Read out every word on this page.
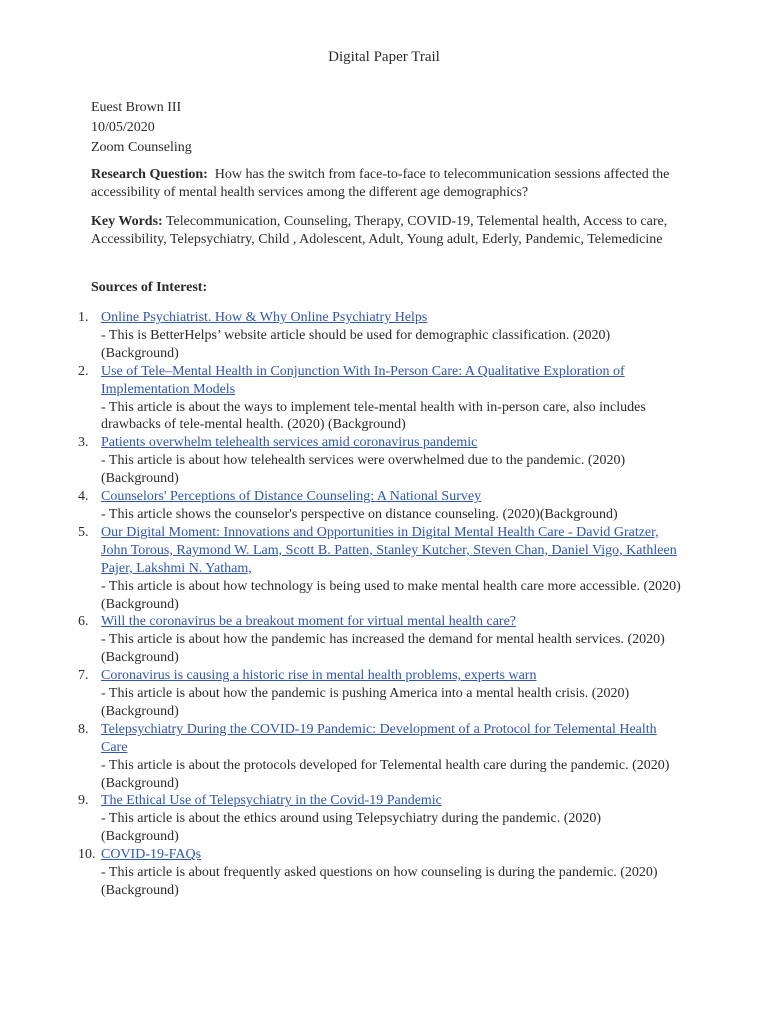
Digital Paper Trail
Euest Brown III
10/05/2020
Zoom Counseling
Research Question: How has the switch from face-to-face to telecommunication sessions affected the accessibility of mental health services among the different age demographics?
Key Words: Telecommunication, Counseling, Therapy, COVID-19, Telemental health, Access to care, Accessibility, Telepsychiatry, Child , Adolescent, Adult, Young adult, Ederly, Pandemic, Telemedicine
Sources of Interest:
1. Online Psychiatrist. How & Why Online Psychiatry Helps
- This is BetterHelps’ website article should be used for demographic classification. (2020) (Background)
2. Use of Tele–Mental Health in Conjunction With In-Person Care: A Qualitative Exploration of Implementation Models
- This article is about the ways to implement tele-mental health with in-person care, also includes drawbacks of tele-mental health. (2020) (Background)
3. Patients overwhelm telehealth services amid coronavirus pandemic
- This article is about how telehealth services were overwhelmed due to the pandemic. (2020) (Background)
4. Counselors' Perceptions of Distance Counseling: A National Survey
- This article shows the counselor's perspective on distance counseling. (2020)(Background)
5. Our Digital Moment: Innovations and Opportunities in Digital Mental Health Care - David Gratzer, John Torous, Raymond W. Lam, Scott B. Patten, Stanley Kutcher, Steven Chan, Daniel Vigo, Kathleen Pajer, Lakshmi N. Yatham,
- This article is about how technology is being used to make mental health care more accessible. (2020) (Background)
6. Will the coronavirus be a breakout moment for virtual mental health care?
- This article is about how the pandemic has increased the demand for mental health services. (2020) (Background)
7. Coronavirus is causing a historic rise in mental health problems, experts warn
- This article is about how the pandemic is pushing America into a mental health crisis. (2020) (Background)
8. Telepsychiatry During the COVID-19 Pandemic: Development of a Protocol for Telemental Health Care
- This article is about the protocols developed for Telemental health care during the pandemic. (2020)(Background)
9. The Ethical Use of Telepsychiatry in the Covid-19 Pandemic
- This article is about the ethics around using Telepsychiatry during the pandemic. (2020) (Background)
10. COVID-19-FAQs
- This article is about frequently asked questions on how counseling is during the pandemic. (2020)(Background)
